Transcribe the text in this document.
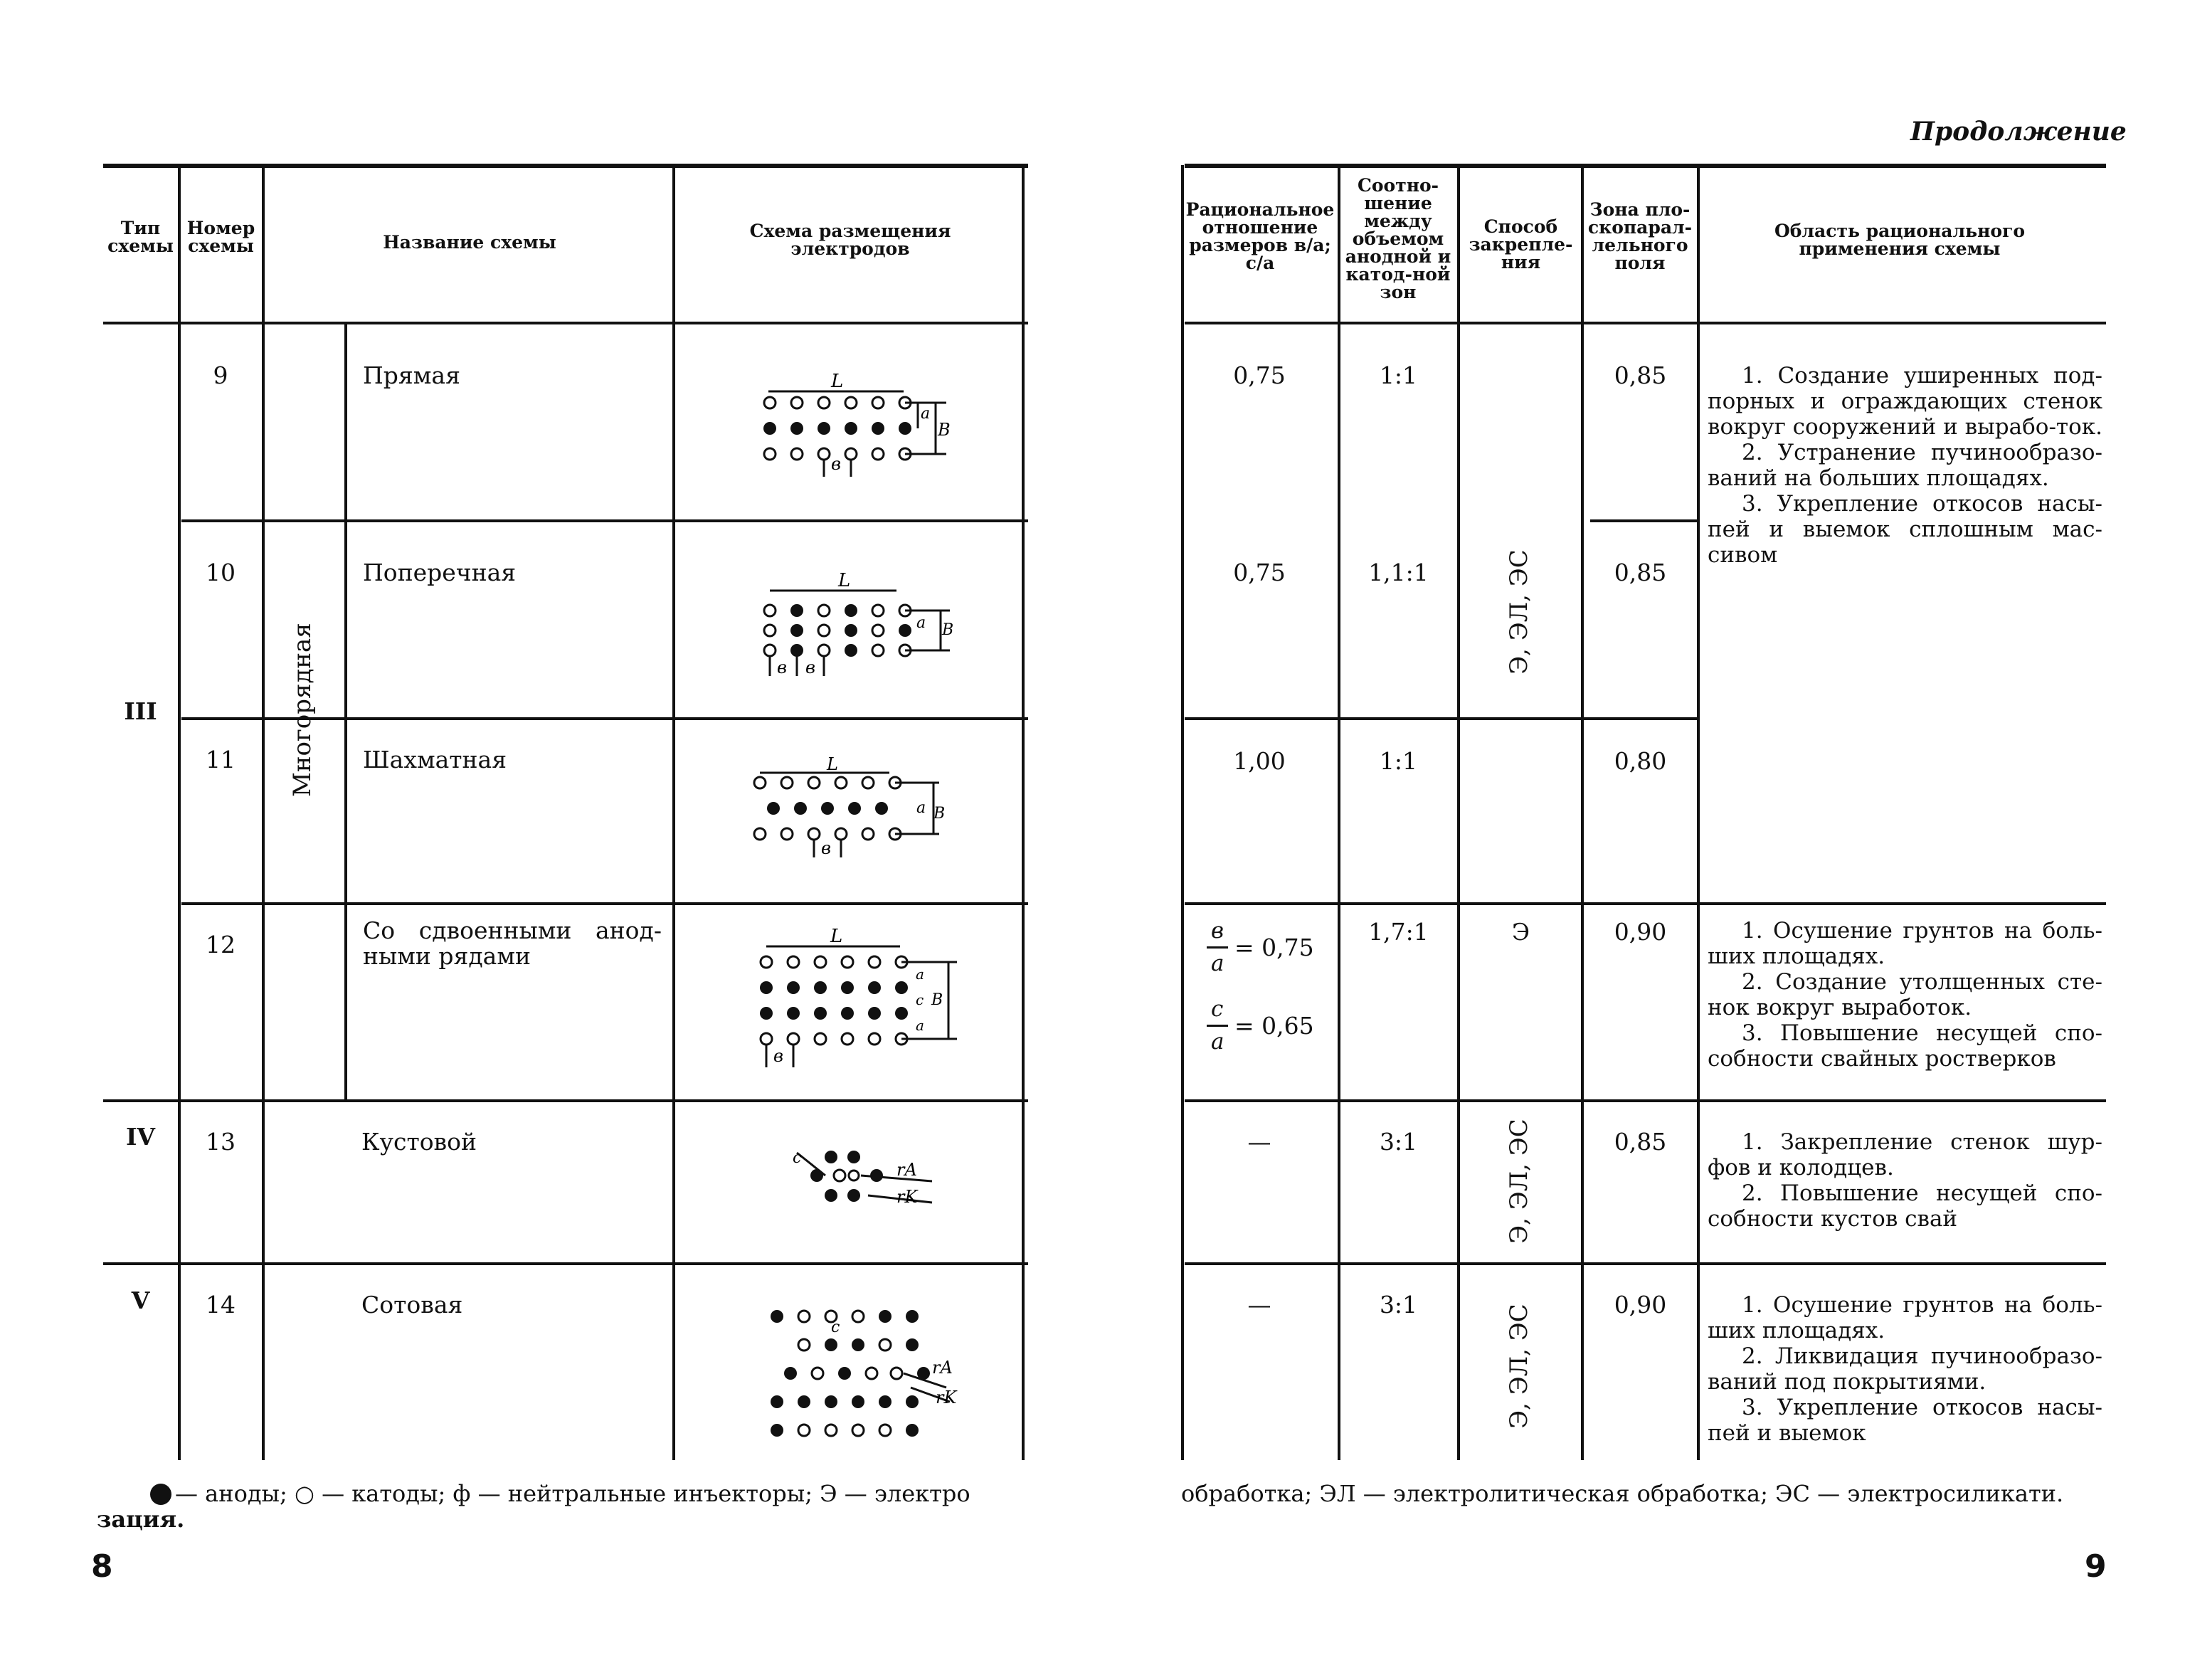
Тип схемы
Номер схемы	Название схемы
Схема размещения электродов
III
IV
V
9
10
11
12
13
14
Многорядная
Прямая
Поперечная
Шахматная
Со сдвоенными анод-ными рядами
Кустовой
Сотовая
L
в
a
B
L
в в
a B
L
в
a B
L
в
a
c
a
B
c
rA
rK
c
rA
rK
— аноды; ○ — катоды; ф — нейтральные инъекторы; Э — электро
зация.
8
Продолжение
Рациональное отношение размеров в/а; с/а
Соотно-шение между объемом анодной и катод-ной зон
Способ закрепле-ния
Зона пло-скопарал-лельного поля
Область рационального применения схемы
0,75
0,75
1,00
в
а
= 0,75
с
а
= 0,65
—
—
1:1
1,1:1
1:1
1,7:1
3:1
3:1
Э, ЭЛ, ЭС
Э
Э, ЭЛ, ЭС
Э, ЭЛ, ЭС
0,85
0,85
0,80
0,90
0,85
0,90

1. Создание уширенных под-порных и ограждающих стенок вокруг сооружений и вырабо-ток.

2. Устранение пучинообразо-ваний на больших площадях.

3. Укрепление откосов насы-пей и выемок сплошным мас-сивом

1. Осушение грунтов на боль-ших площадях.

2. Создание утолщенных сте-нок вокруг выработок.

3. Повышение несущей спо-собности свайных ростверков

1. Закрепление стенок шур-фов и колодцев.

2. Повышение несущей спо-собности кустов свай

1. Осушение грунтов на боль-ших площадях.

2. Ликвидация пучинообразо-ваний под покрытиями.

3. Укрепление откосов насы-пей и выемок

обработка; ЭЛ — электролитическая обработка; ЭС — электросиликати.
9
